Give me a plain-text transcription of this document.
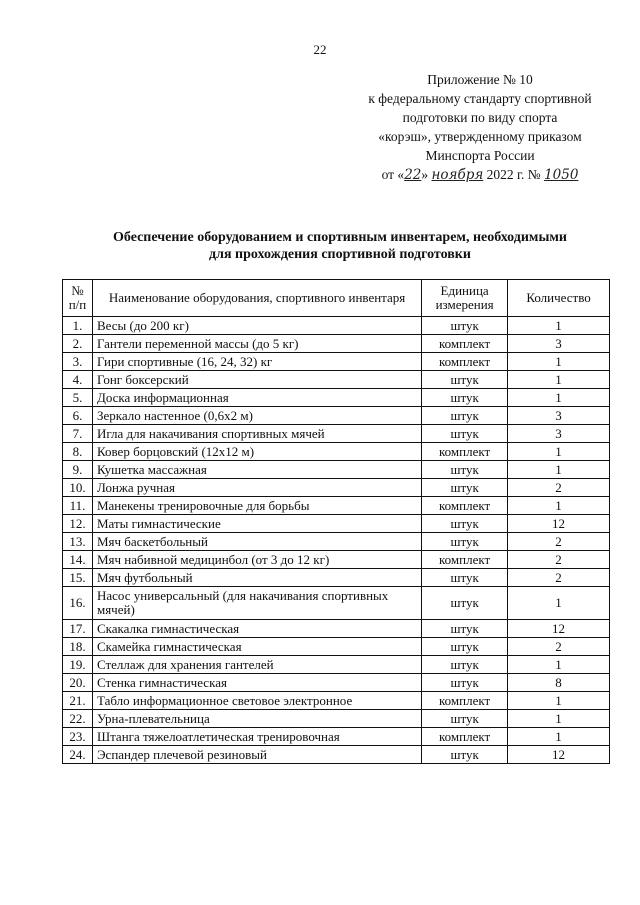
22
Приложение № 10
к федеральному стандарту спортивной
подготовки по виду спорта
«корэш», утвержденному приказом
Минспорта России
от «22» ноября 2022 г. № 1050
Обеспечение оборудованием и спортивным инвентарем, необходимыми
для прохождения спортивной подготовки
№ п/п	Наименование оборудования, спортивного инвентаря	Единица измерения	Количество
1.	Весы (до 200 кг)	штук	1
2.	Гантели переменной массы (до 5 кг)	комплект	3
3.	Гири спортивные (16, 24, 32) кг	комплект	1
4.	Гонг боксерский	штук	1
5.	Доска информационная	штук	1
6.	Зеркало настенное (0,6х2 м)	штук	3
7.	Игла для накачивания спортивных мячей	штук	3
8.	Ковер борцовский (12х12 м)	комплект	1
9.	Кушетка массажная	штук	1
10.	Лонжа ручная	штук	2
11.	Манекены тренировочные для борьбы	комплект	1
12.	Маты гимнастические	штук	12
13.	Мяч баскетбольный	штук	2
14.	Мяч набивной медицинбол (от 3 до 12 кг)	комплект	2
15.	Мяч футбольный	штук	2
16.	Насос универсальный (для накачивания спортивных мячей)	штук	1
17.	Скакалка гимнастическая	штук	12
18.	Скамейка гимнастическая	штук	2
19.	Стеллаж для хранения гантелей	штук	1
20.	Стенка гимнастическая	штук	8
21.	Табло информационное световое электронное	комплект	1
22.	Урна-плевательница	штук	1
23.	Штанга тяжелоатлетическая тренировочная	комплект	1
24.	Эспандер плечевой резиновый	штук	12
